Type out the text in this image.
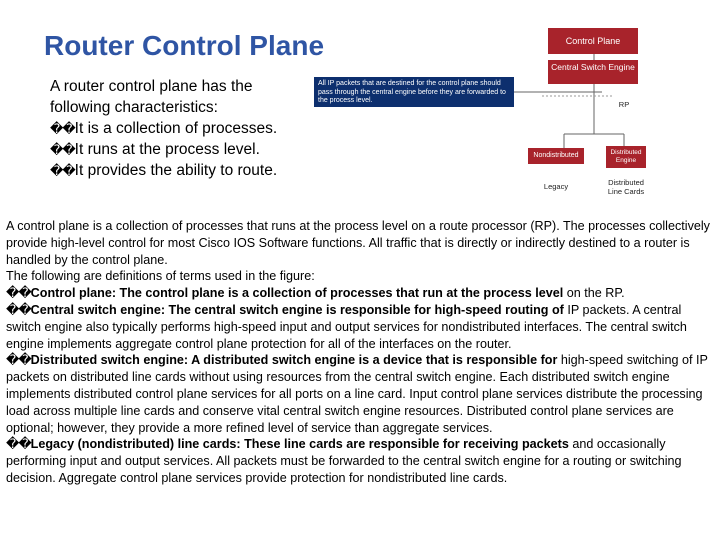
Router Control Plane
A router control plane has the
following characteristics:
��It is a collection of processes.
��It runs at the process level.
��It provides the ability to route.
Control Plane
Central Switch Engine
All IP packets that are destined for the control plane should pass through the central engine before they are forwarded to the process level.	RP
Nondistributed	Distributed Engine
Legacy	Distributed Line Cards

A control plane is a collection of processes that runs at the process level on a route processor (RP). The processes collectively provide high-level control for most Cisco IOS Software functions. All traffic that is directly or indirectly destined to a router is handled by the control plane.

The following are definitions of terms used in the figure:

��Control plane: The control plane is a collection of processes that run at the process level on the RP.

��Central switch engine: The central switch engine is responsible for high-speed routing of IP packets. A central switch engine also typically performs high-speed input and output services for nondistributed interfaces. The central switch engine implements aggregate control plane protection for all of the interfaces on the router.

��Distributed switch engine: A distributed switch engine is a device that is responsible for high-speed switching of IP packets on distributed line cards without using resources from the central switch engine. Each distributed switch engine implements distributed control plane services for all ports on a line card. Input control plane services distribute the processing load across multiple line cards and conserve vital central switch engine resources. Distributed control plane services are optional; however, they provide a more refined level of service than aggregate services.

��Legacy (nondistributed) line cards: These line cards are responsible for receiving packets and occasionally performing input and output services. All packets must be forwarded to the central switch engine for a routing or switching decision. Aggregate control plane services provide protection for nondistributed line cards.
